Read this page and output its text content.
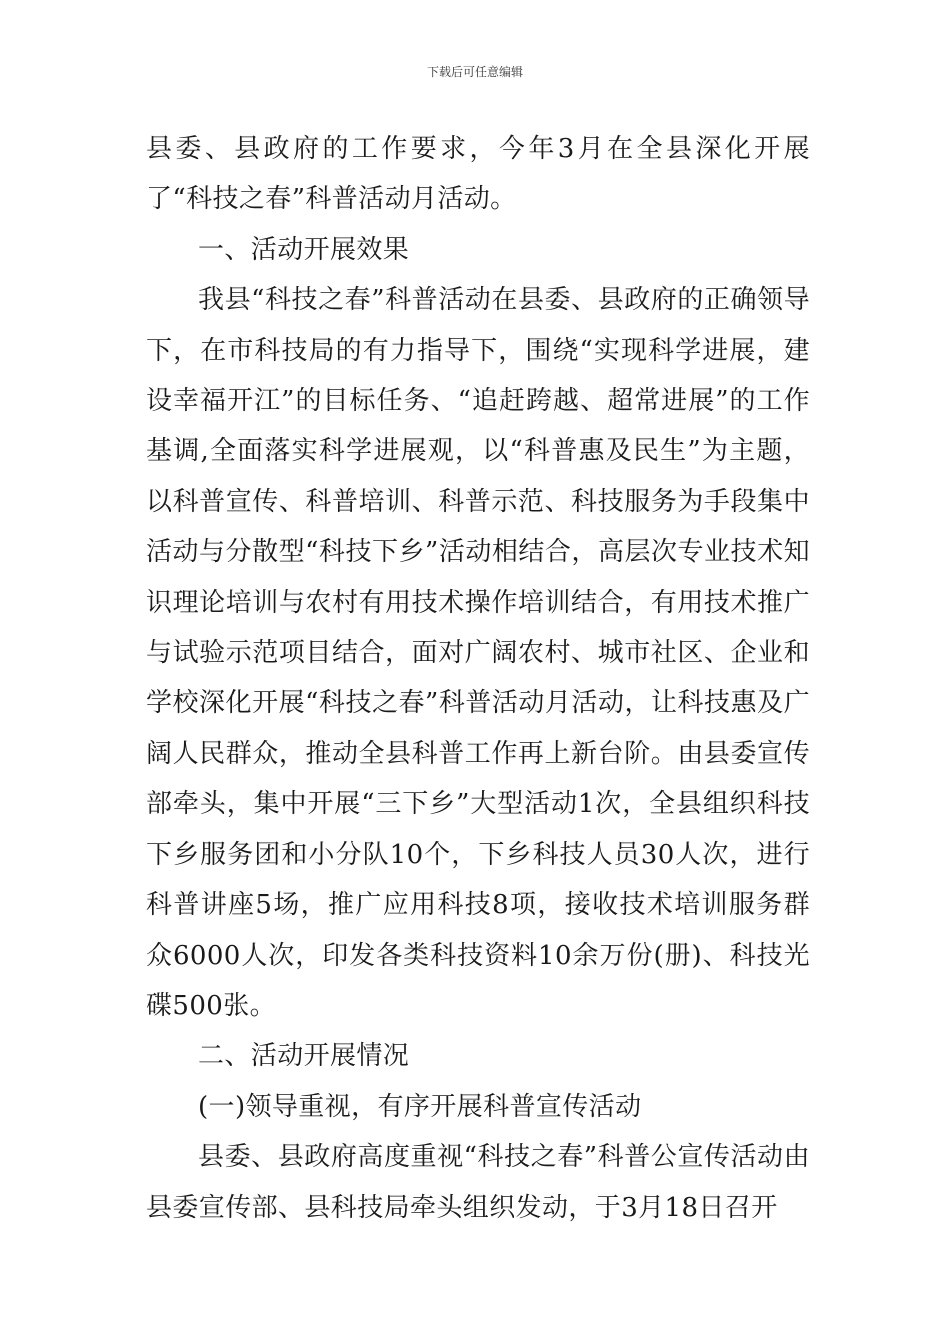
下载后可任意编辑

县委、县政府的工作要求，今年3月在全县深化开展了“科技之春”科普活动月活动。

一、活动开展效果

我县“科技之春”科普活动在县委、县政府的正确领导下，在市科技局的有力指导下，围绕“实现科学进展，建设幸福开江”的目标任务、“追赶跨越、超常进展”的工作基调,全面落实科学进展观，以“科普惠及民生”为主题，以科普宣传、科普培训、科普示范、科技服务为手段集中活动与分散型“科技下乡”活动相结合，高层次专业技术知识理论培训与农村有用技术操作培训结合，有用技术推广与试验示范项目结合，面对广阔农村、城市社区、企业和学校深化开展“科技之春”科普活动月活动，让科技惠及广阔人民群众，推动全县科普工作再上新台阶。由县委宣传部牵头，集中开展“三下乡”大型活动1次，全县组织科技下乡服务团和小分队10个，下乡科技人员30人次，进行科普讲座5场，推广应用科技8项，接收技术培训服务群众6000人次，印发各类科技资料10余万份(册)、科技光碟500张。

二、活动开展情况

(一)领导重视，有序开展科普宣传活动

县委、县政府高度重视“科技之春”科普公宣传活动由县委宣传部、县科技局牵头组织发动，于3月18日召开
